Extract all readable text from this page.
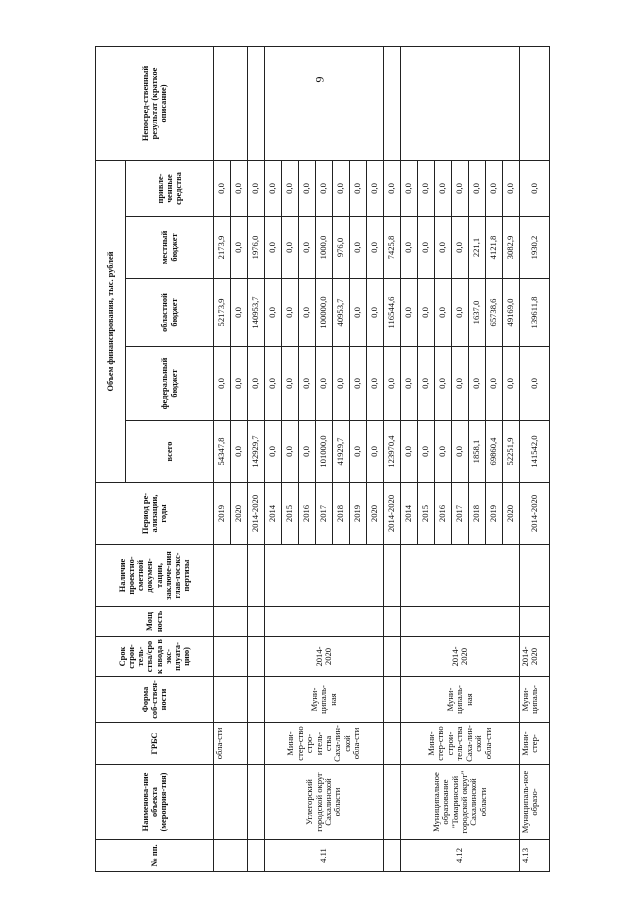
9
№ пп.	Наименова-ние объекта (мероприя-тия)	ГРБС	Форма соб-ствен-ности	Срок строи-тель-ства/сро к ввода в экс-плуата-цию)	Мощ ность	Наличие проектно-сметной докумен-тации, заключе-ния глав-госэкс-пертизы	Период ре-ализации, годы	Объем финансирования, тыс. рублей					Непосред-ственный результат (краткое описание)
								всего	федеральный бюджет	областной бюджет	местный бюджет	привле-ченные средства	
		обла-сти					2019	54347,8	0,0	52173,9	2173,9	0,0	
							2020	0,0	0,0	0,0	0,0	0,0	
							2014-2020	142929,7	0,0	140953,7	1976,0	0,0	
4.11	Углегорский городской округ Сахалинской области	Мини-стер-ство стро-итель-ства Саха-лин-ской обла-сти	Муни-ципаль-ная	2014-2020			2014	0,0	0,0	0,0	0,0	0,0	
							2015	0,0	0,0	0,0	0,0	0,0	
							2016	0,0	0,0	0,0	0,0	0,0	
							2017	101000,0	0,0	100000,0	1000,0	0,0	
							2018	41929,7	0,0	40953,7	976,0	0,0	
							2019	0,0	0,0	0,0	0,0	0,0	
							2020	0,0	0,0	0,0	0,0	0,0	
							2014-2020	123970,4	0,0	116544,6	7425,8	0,0	
4.12	Муниципальное образование "Томаринский городской округ" Сахалинской области	Мини-стер-ство строи-тель-ства Саха-лин-ской обла-сти	Муни-ципаль-ная	2014-2020			2014	0,0	0,0	0,0	0,0	0,0	
							2015	0,0	0,0	0,0	0,0	0,0	
							2016	0,0	0,0	0,0	0,0	0,0	
							2017	0,0	0,0	0,0	0,0	0,0	
							2018	1858,1	0,0	1637,0	221,1	0,0	
							2019	69860,4	0,0	65738,6	4121,8	0,0	
							2020	52251,9	0,0	49169,0	3082,9	0,0	
4.13	Муниципаль-ное образо-	Мини-стер-	Муни-ципаль-	2014-2020			2014-2020	141542,0	0,0	139611,8	1930,2	0,0	
